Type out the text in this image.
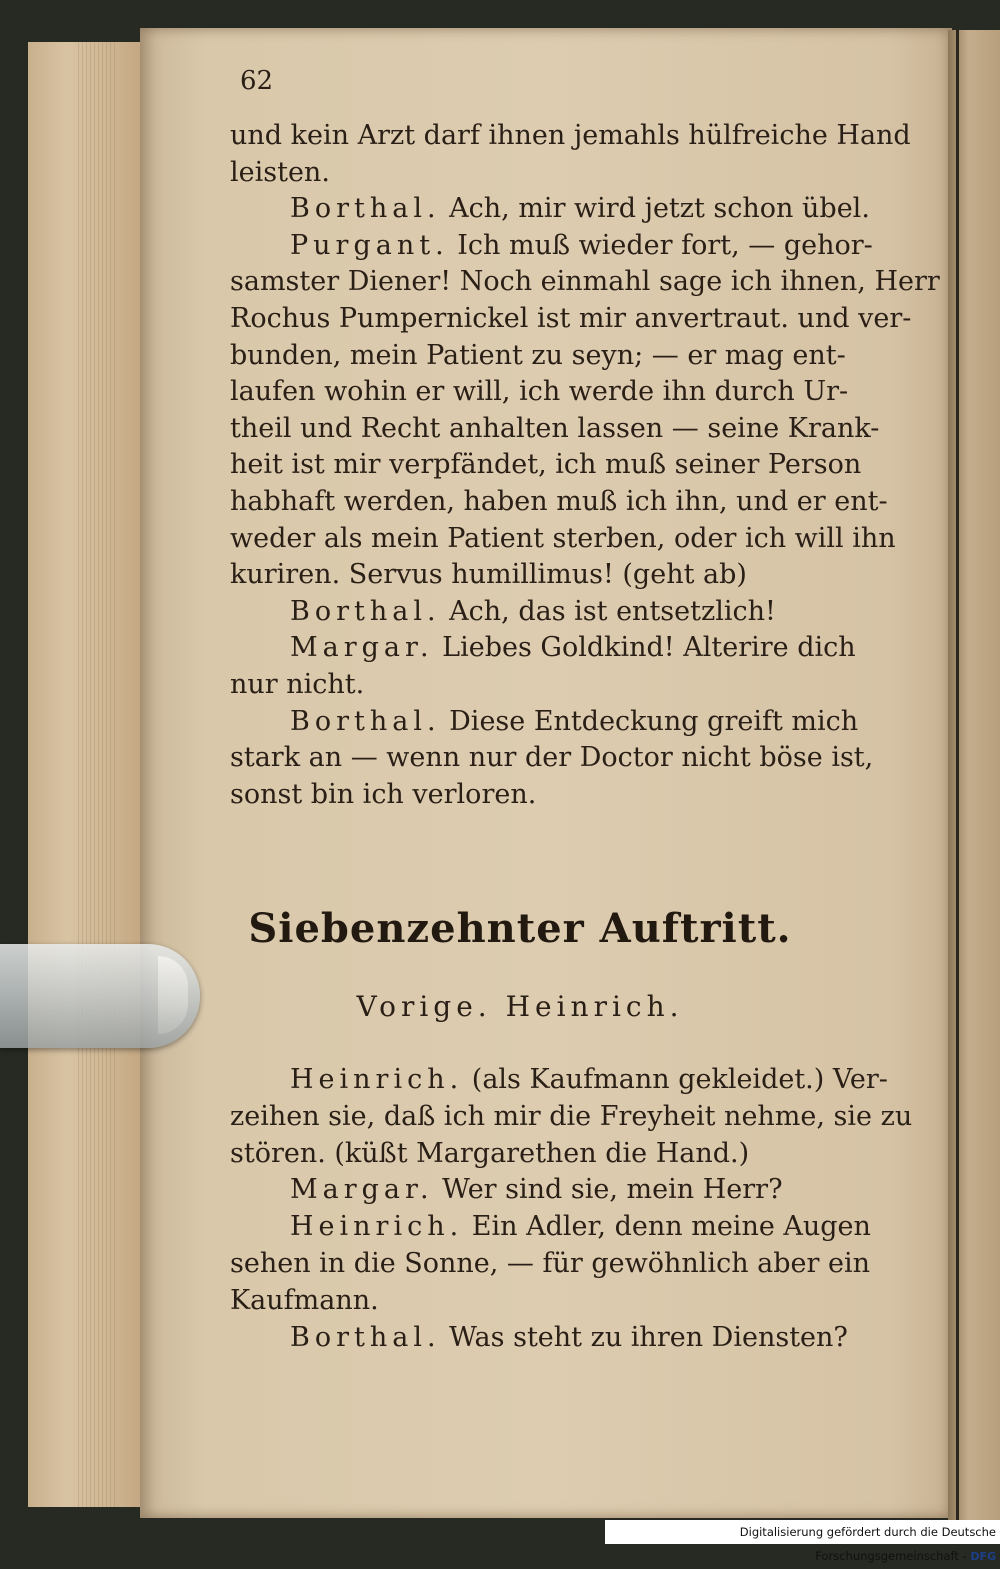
62
und kein Arzt darf ihnen jemahls hülfreiche Hand
leisten.
Borthal. Ach, mir wird jetzt schon übel.
Purgant. Ich muß wieder fort, — gehor-
samster Diener! Noch einmahl sage ich ihnen, Herr
Rochus Pumpernickel ist mir anvertraut. und ver-
bunden, mein Patient zu seyn; — er mag ent-
laufen wohin er will, ich werde ihn durch Ur-
theil und Recht anhalten lassen — seine Krank-
heit ist mir verpfändet, ich muß seiner Person
habhaft werden, haben muß ich ihn, und er ent-
weder als mein Patient sterben, oder ich will ihn
kuriren. Servus humillimus! (geht ab)
Borthal. Ach, das ist entsetzlich!
Margar. Liebes Goldkind! Alterire dich
nur nicht.
Borthal. Diese Entdeckung greift mich
stark an — wenn nur der Doctor nicht böse ist,
sonst bin ich verloren.
Siebenzehnter Auftritt.
Vorige. Heinrich.
Heinrich. (als Kaufmann gekleidet.) Ver-
zeihen sie, daß ich mir die Freyheit nehme, sie zu
stören. (küßt Margarethen die Hand.)
Margar. Wer sind sie, mein Herr?
Heinrich. Ein Adler, denn meine Augen
sehen in die Sonne, — für gewöhnlich aber ein
Kaufmann.
Borthal. Was steht zu ihren Diensten?
Digitalisierung gefördert durch die Deutsche Forschungsgemeinschaft - DFG
